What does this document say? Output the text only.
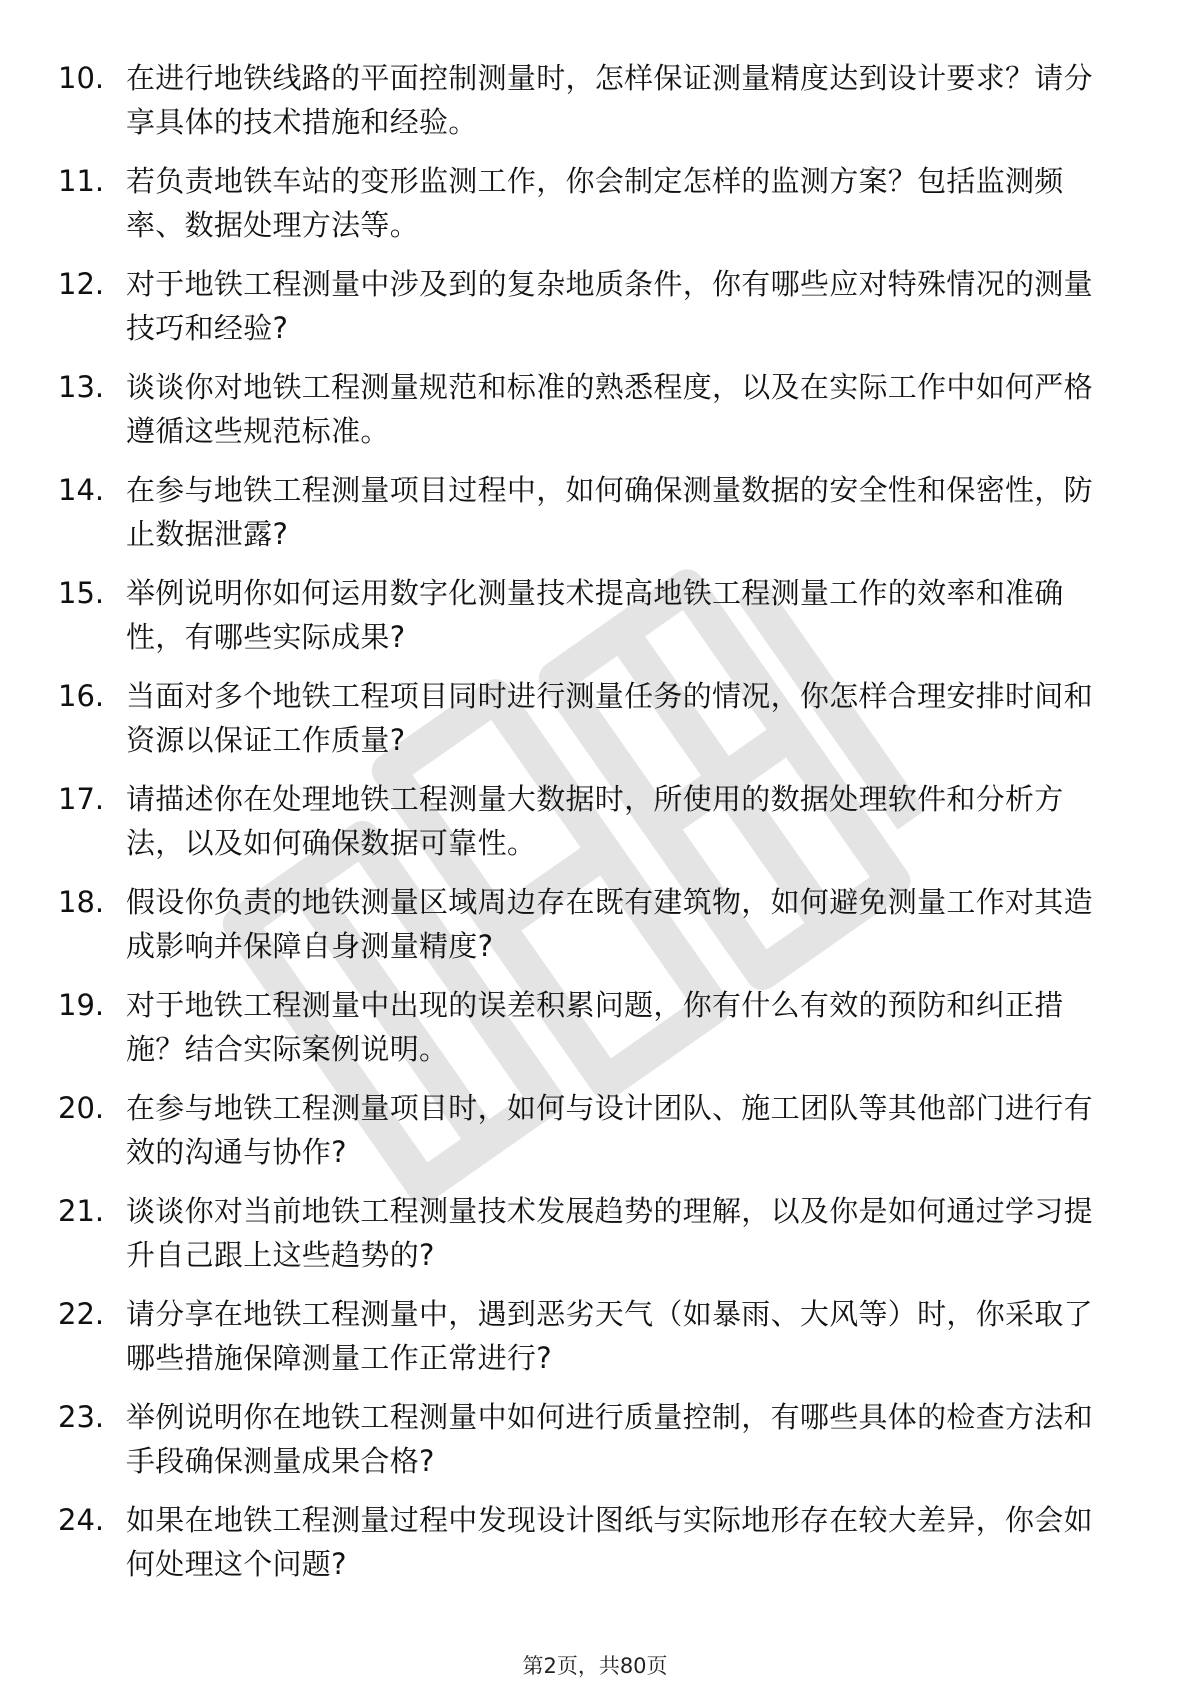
10. 在进行地铁线路的平面控制测量时，怎样保证测量精度达到设计要求？请分享具体的技术措施和经验。
11. 若负责地铁车站的变形监测工作，你会制定怎样的监测方案？包括监测频率、数据处理方法等。
12. 对于地铁工程测量中涉及到的复杂地质条件，你有哪些应对特殊情况的测量技巧和经验?
13. 谈谈你对地铁工程测量规范和标准的熟悉程度，以及在实际工作中如何严格遵循这些规范标准。
14. 在参与地铁工程测量项目过程中，如何确保测量数据的安全性和保密性，防止数据泄露?
15. 举例说明你如何运用数字化测量技术提高地铁工程测量工作的效率和准确性，有哪些实际成果?
16. 当面对多个地铁工程项目同时进行测量任务的情况，你怎样合理安排时间和资源以保证工作质量?
17. 请描述你在处理地铁工程测量大数据时，所使用的数据处理软件和分析方法，以及如何确保数据可靠性。
18. 假设你负责的地铁测量区域周边存在既有建筑物，如何避免测量工作对其造成影响并保障自身测量精度?
19. 对于地铁工程测量中出现的误差积累问题，你有什么有效的预防和纠正措施？结合实际案例说明。
20. 在参与地铁工程测量项目时，如何与设计团队、施工团队等其他部门进行有效的沟通与协作?
21. 谈谈你对当前地铁工程测量技术发展趋势的理解，以及你是如何通过学习提升自己跟上这些趋势的?
22. 请分享在地铁工程测量中，遇到恶劣天气（如暴雨、大风等）时，你采取了哪些措施保障测量工作正常进行?
23. 举例说明你在地铁工程测量中如何进行质量控制，有哪些具体的检查方法和手段确保测量成果合格?
24. 如果在地铁工程测量过程中发现设计图纸与实际地形存在较大差异，你会如何处理这个问题?
第2页，共80页
